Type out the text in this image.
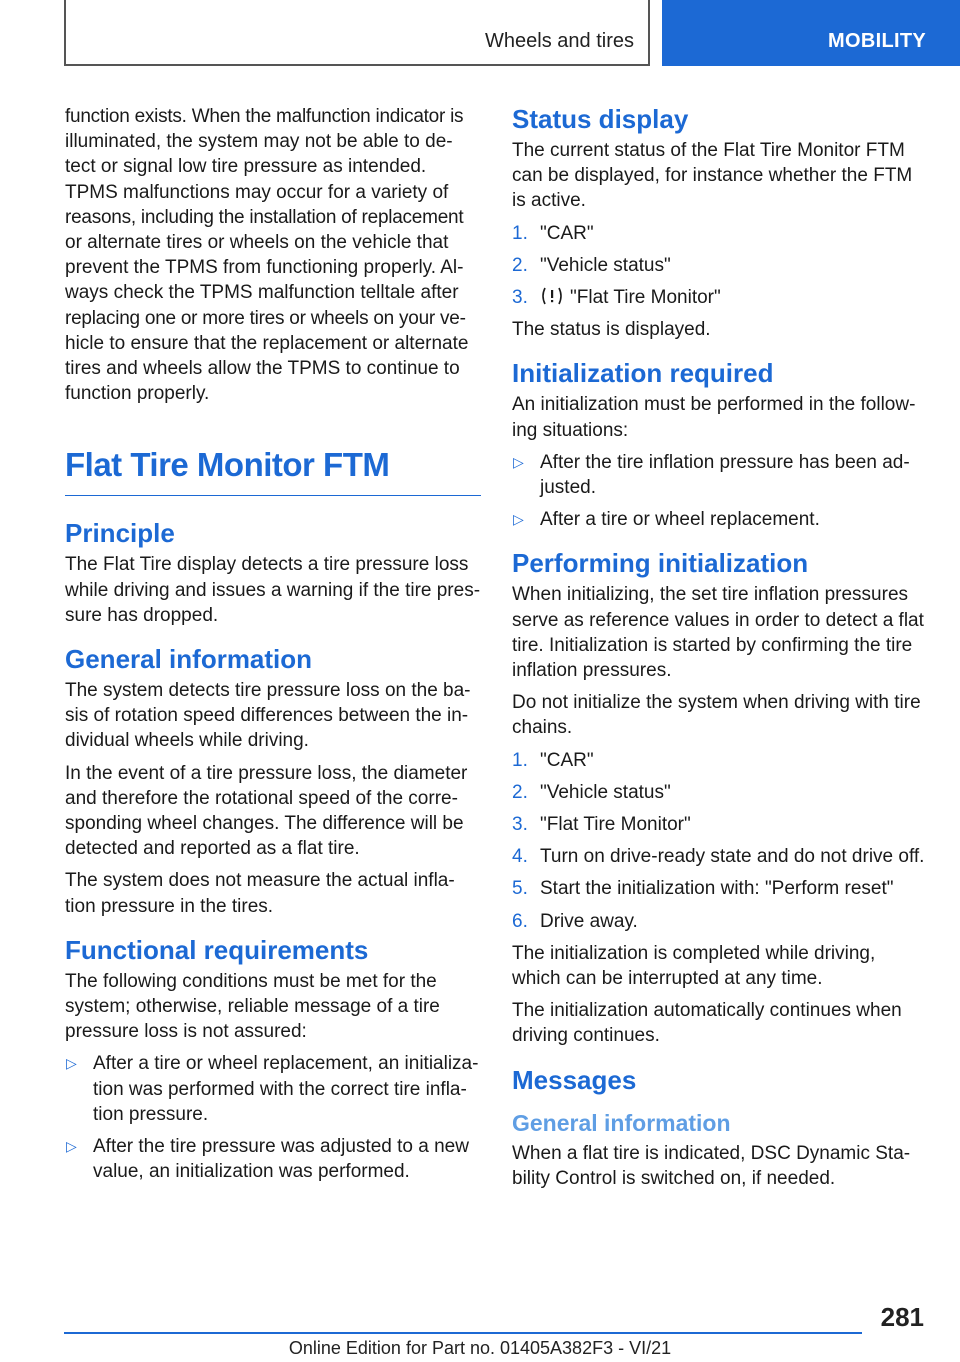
Wheels and tires	MOBILITY

function exists. When the malfunction indicator is
illuminated, the system may not be able to de-
tect or signal low tire pressure as intended.
TPMS malfunctions may occur for a variety of
reasons, including the installation of replacement
or alternate tires or wheels on the vehicle that
prevent the TPMS from functioning properly. Al-
ways check the TPMS malfunction telltale after
replacing one or more tires or wheels on your ve-
hicle to ensure that the replacement or alternate
tires and wheels allow the TPMS to continue to
function properly.

Flat Tire Monitor FTM
Principle

The Flat Tire display detects a tire pressure loss while driving and issues a warning if the tire pres-sure has dropped.

General information

The system detects tire pressure loss on the ba-sis of rotation speed differences between the in-dividual wheels while driving.

In the event of a tire pressure loss, the diameter and therefore the rotational speed of the corre-sponding wheel changes. The difference will be detected and reported as a flat tire.

The system does not measure the actual infla-tion pressure in the tires.

Functional requirements

The following conditions must be met for the system; otherwise, reliable message of a tire pressure loss is not assured:

▷ After a tire or wheel replacement, an initializa-tion was performed with the correct tire infla-tion pressure.
▷ After the tire pressure was adjusted to a new value, an initialization was performed.
Status display

The current status of the Flat Tire Monitor FTM can be displayed, for instance whether the FTM is active.

1. "CAR"
2. "Vehicle status"
3.	"Flat Tire Monitor"

The status is displayed.

Initialization required

An initialization must be performed in the follow-ing situations:

▷ After the tire inflation pressure has been ad-justed.
▷ After a tire or wheel replacement.
Performing initialization

When initializing, the set tire inflation pressures serve as reference values in order to detect a flat tire. Initialization is started by confirming the tire inflation pressures.

Do not initialize the system when driving with tire chains.

1. "CAR"
2. "Vehicle status"
3. "Flat Tire Monitor"
4. Turn on drive-ready state and do not drive off.
5. Start the initialization with: "Perform reset"
6. Drive away.

The initialization is completed while driving, which can be interrupted at any time.

The initialization automatically continues when driving continues.

Messages
General information

When a flat tire is indicated, DSC Dynamic Sta-bility Control is switched on, if needed.

281
Online Edition for Part no. 01405A382F3 - VI/21
